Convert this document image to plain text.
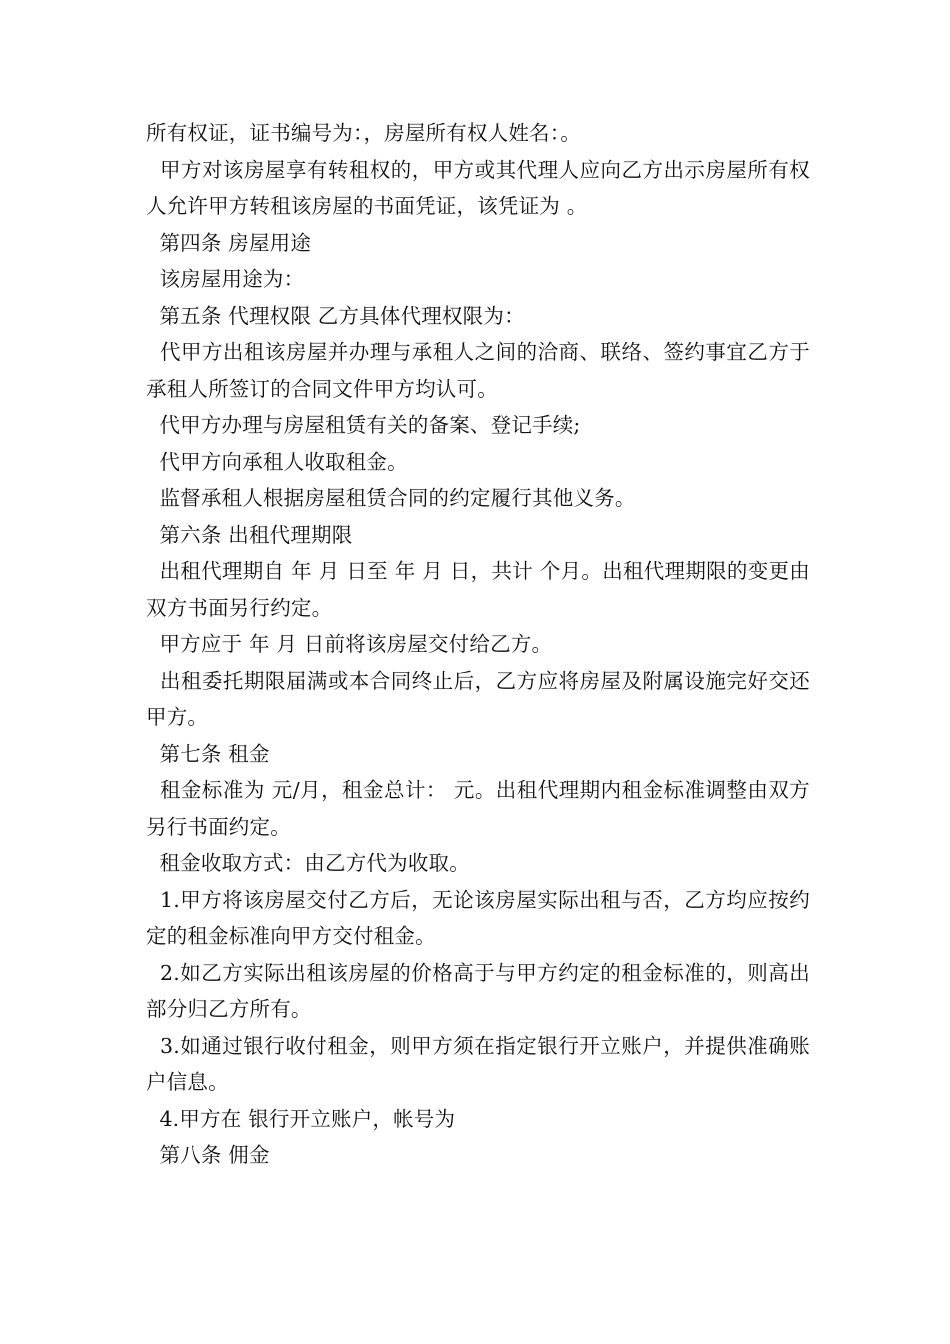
所有权证，证书编号为：，房屋所有权人姓名：。

甲方对该房屋享有转租权的，甲方或其代理人应向乙方出示房屋所有权人允许甲方转租该房屋的书面凭证，该凭证为 。

第四条 房屋用途

该房屋用途为：

第五条 代理权限 乙方具体代理权限为：

代甲方出租该房屋并办理与承租人之间的洽商、联络、签约事宜乙方于承租人所签订的合同文件甲方均认可。

代甲方办理与房屋租赁有关的备案、登记手续;

代甲方向承租人收取租金。

监督承租人根据房屋租赁合同的约定履行其他义务。

第六条 出租代理期限

出租代理期自 年 月 日至 年 月 日，共计 个月。出租代理期限的变更由双方书面另行约定。

甲方应于 年 月 日前将该房屋交付给乙方。

出租委托期限届满或本合同终止后，乙方应将房屋及附属设施完好交还甲方。

第七条 租金

租金标准为 元/月，租金总计： 元。出租代理期内租金标准调整由双方另行书面约定。

租金收取方式：由乙方代为收取。

1.甲方将该房屋交付乙方后，无论该房屋实际出租与否，乙方均应按约定的租金标准向甲方交付租金。

2.如乙方实际出租该房屋的价格高于与甲方约定的租金标准的，则高出部分归乙方所有。

3.如通过银行收付租金，则甲方须在指定银行开立账户，并提供准确账户信息。

4.甲方在 银行开立账户，帐号为

第八条 佣金
